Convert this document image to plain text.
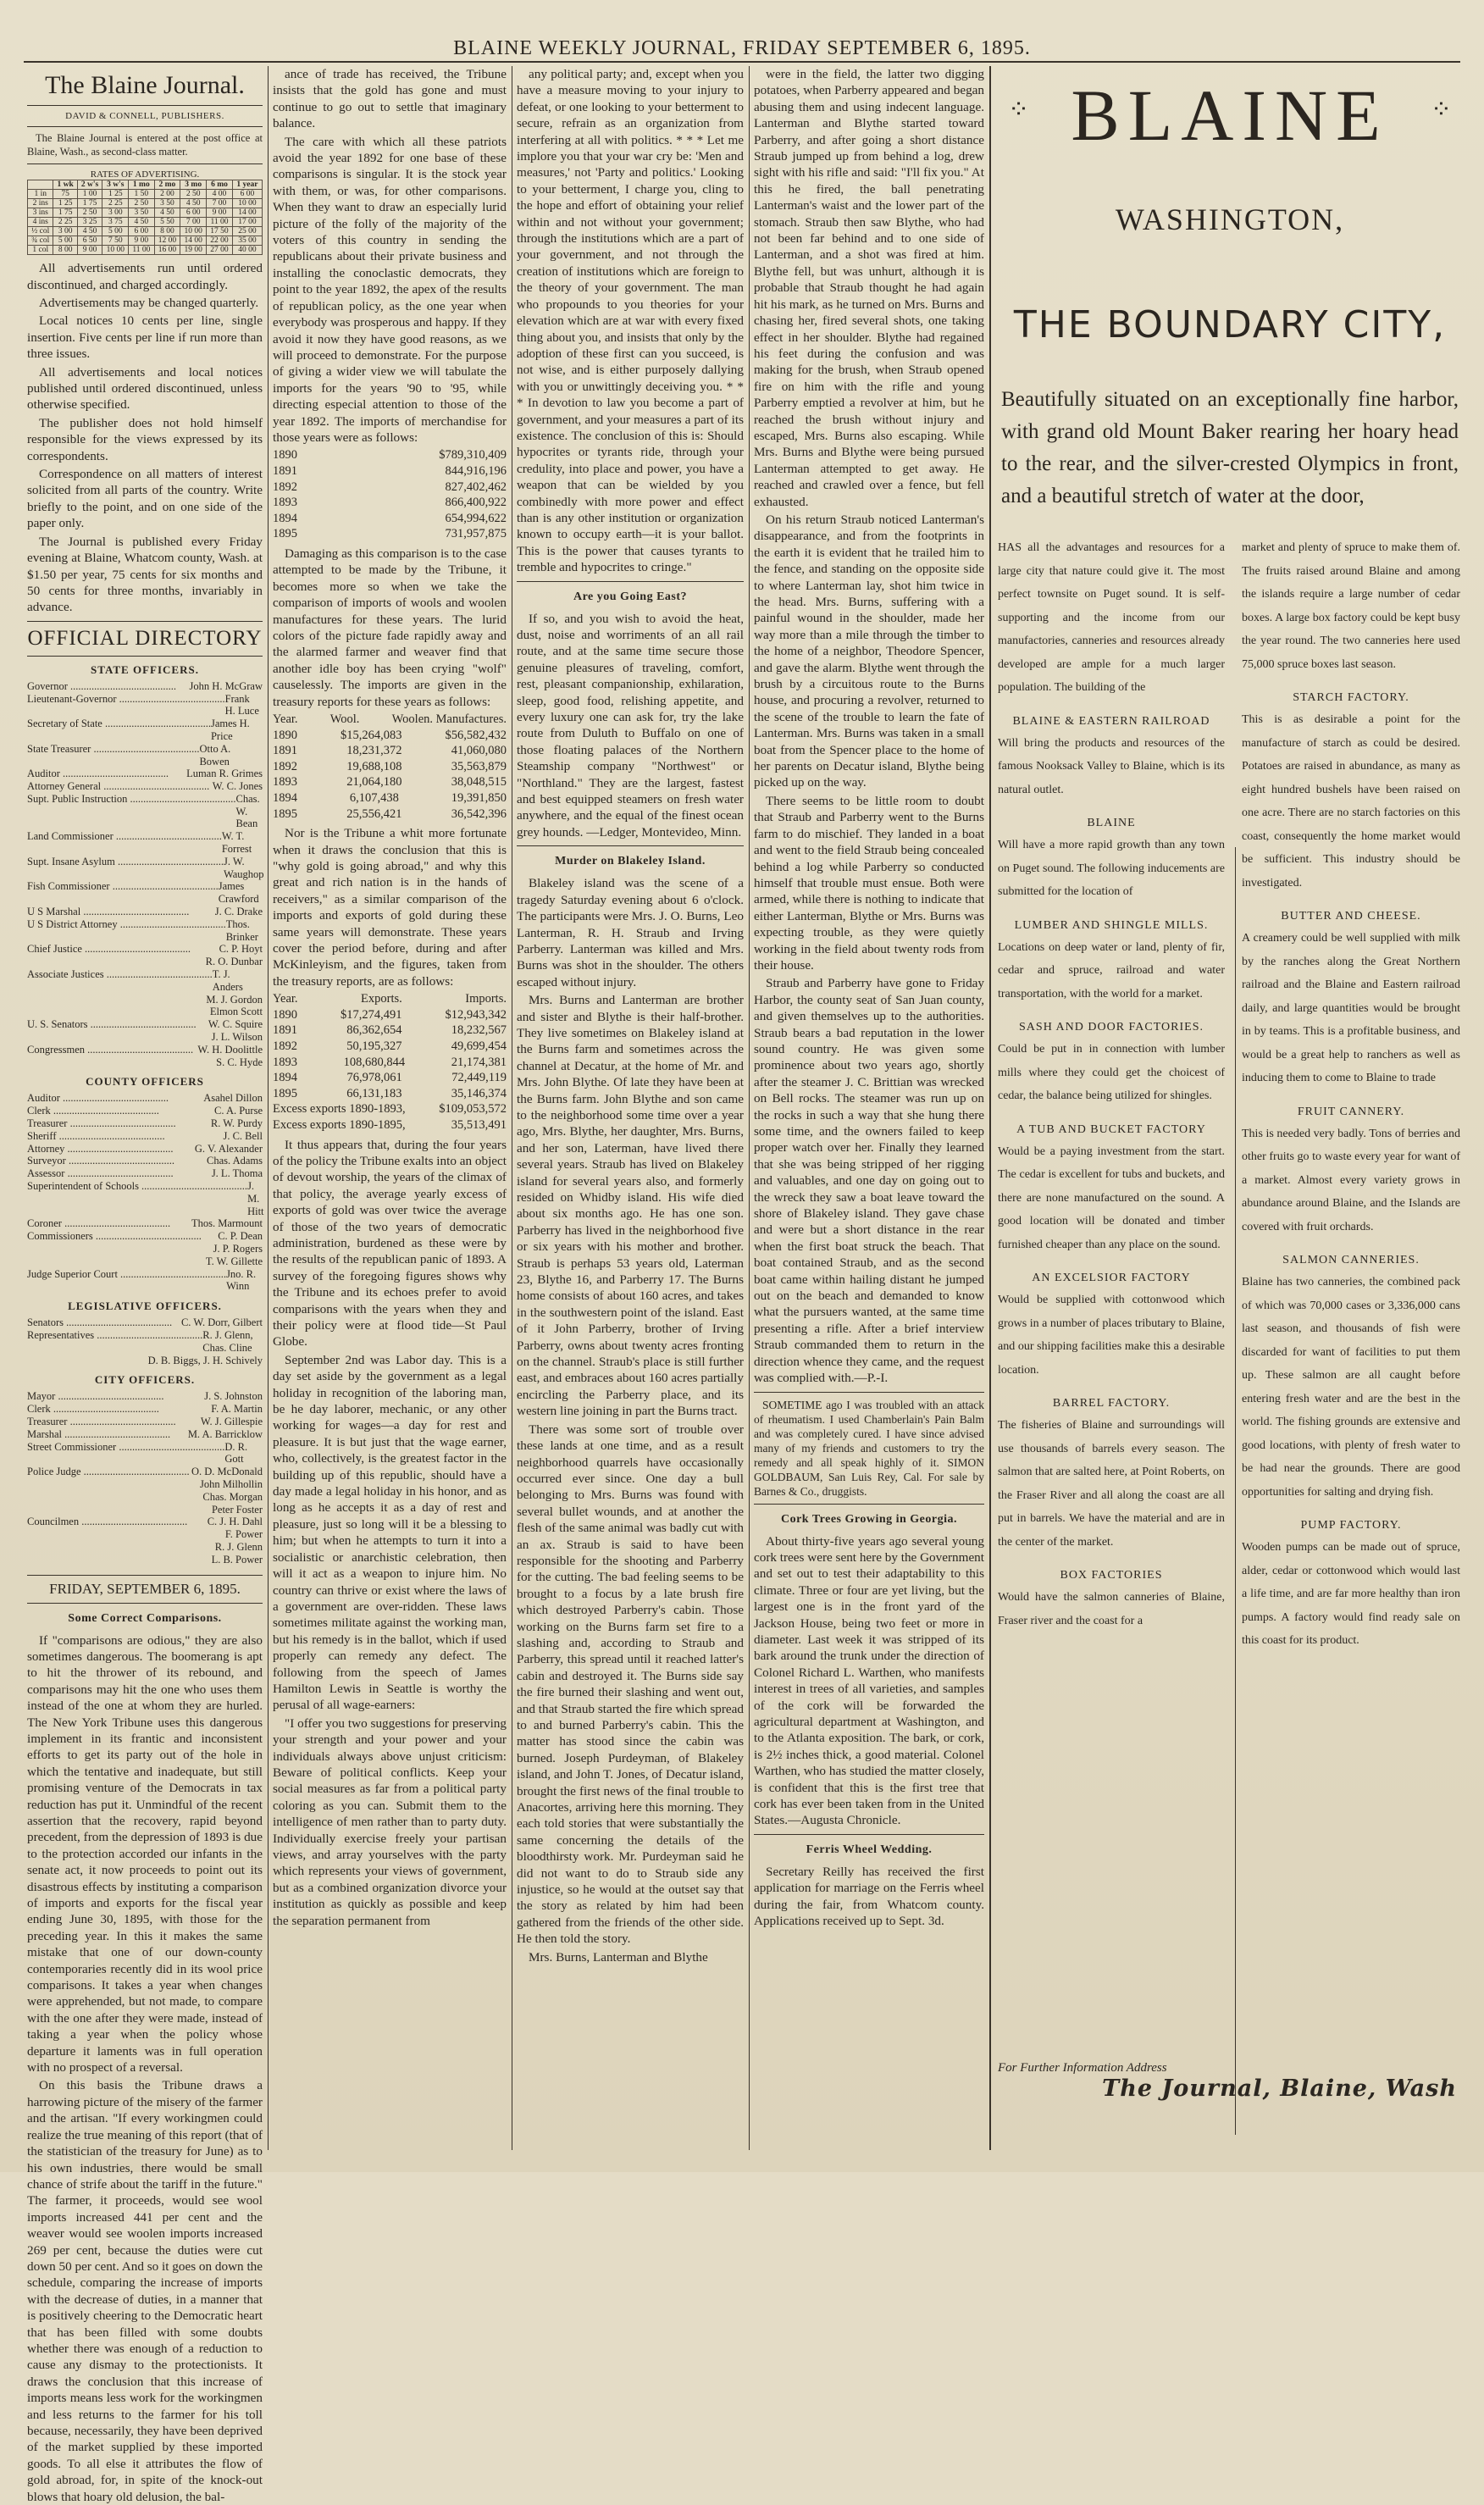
BLAINE WEEKLY JOURNAL, FRIDAY SEPTEMBER 6, 1895.
The Blaine Journal.
DAVID & CONNELL, PUBLISHERS.
The Blaine Journal is entered at the post office at Blaine, Wash., as second-class matter.
RATES OF ADVERTISING.
	1 wk	2 w's	3 w's	1 mo	2 mo	3 mo	6 mo	1 year
1 in	75	1 00	1 25	1 50	2 00	2 50	4 00	6 00
2 ins	1 25	1 75	2 25	2 50	3 50	4 50	7 00	10 00
3 ins	1 75	2 50	3 00	3 50	4 50	6 00	9 00	14 00
4 ins	2 25	3 25	3 75	4 50	5 50	7 00	11 00	17 00
½ col	3 00	4 50	5 00	6 00	8 00	10 00	17 50	25 00
¾ col	5 00	6 50	7 50	9 00	12 00	14 00	22 00	35 00
1 col	8 00	9 00	10 00	11 00	16 00	19 00	27 00	40 00

All advertisements run until ordered discontinued, and charged accordingly.

Advertisements may be changed quarterly.

Local notices 10 cents per line, single insertion. Five cents per line if run more than three issues.

All advertisements and local notices published until ordered discontinued, unless otherwise specified.

The publisher does not hold himself responsible for the views expressed by its correspondents.

Correspondence on all matters of interest solicited from all parts of the country. Write briefly to the point, and on one side of the paper only.

The Journal is published every Friday evening at Blaine, Whatcom county, Wash. at $1.50 per year, 75 cents for six months and 50 cents for three months, invariably in advance.

OFFICIAL DIRECTORY
STATE OFFICERS.
Governor ........................................ John H. McGraw
Lieutenant-Governor ........................................ Frank H. Luce
Secretary of State ........................................ James H. Price
State Treasurer ........................................ Otto A. Bowen
Auditor ........................................ Luman R. Grimes
Attorney General ........................................ W. C. Jones
Supt. Public Instruction ........................................ Chas. W. Bean
Land Commissioner ........................................ W. T. Forrest
Supt. Insane Asylum ........................................ J. W. Waughop
Fish Commissioner ........................................ James Crawford
U S Marshal ........................................ J. C. Drake
U S District Attorney ........................................ Thos. Brinker
Chief Justice ........................................	C. P. Hoyt
R. O. Dunbar
Associate Justices ........................................ T. J. Anders
M. J. Gordon
Elmon Scott
U. S. Senators ........................................ W. C. Squire
J. L. Wilson
Congressmen ........................................ W. H. Doolittle
S. C. Hyde
COUNTY OFFICERS
Auditor ........................................	Asahel Dillon
Clerk ........................................	C. A. Purse
Treasurer ........................................	R. W. Purdy
Sheriff ........................................	J. C. Bell
Attorney ........................................ G. V. Alexander
Surveyor ........................................	Chas. Adams
Assessor ........................................	J. L. Thoma
Superintendent of Schools ........................................ J. M. Hitt
Coroner ........................................ Thos. Marmount
Commissioners ........................................ C. P. Dean
J. P. Rogers
T. W. Gillette
Judge Superior Court ........................................ Jno. R. Winn
LEGISLATIVE OFFICERS.
Senators ........................................ C. W. Dorr, Gilbert
Representatives ........................................ R. J. Glenn, Chas. Cline
D. B. Biggs, J. H. Schively
CITY OFFICERS.
Mayor ........................................	J. S. Johnston
Clerk ........................................	F. A. Martin
Treasurer ........................................ W. J. Gillespie
Marshal ........................................ M. A. Barricklow
Street Commissioner ........................................ D. R. Gott
Police Judge ........................................ O. D. McDonald
John Milhollin
Chas. Morgan
Peter Foster
Councilmen ........................................ C. J. H. Dahl
F. Power
R. J. Glenn
L. B. Power
FRIDAY, SEPTEMBER 6, 1895.
Some Correct Comparisons.

If "comparisons are odious," they are also sometimes dangerous. The boomerang is apt to hit the thrower of its rebound, and comparisons may hit the one who uses them instead of the one at whom they are hurled. The New York Tribune uses this dangerous implement in its frantic and inconsistent efforts to get its party out of the hole in which the tentative and inadequate, but still promising venture of the Democrats in tax reduction has put it. Unmindful of the recent assertion that the recovery, rapid beyond precedent, from the depression of 1893 is due to the protection accorded our infants in the senate act, it now proceeds to point out its disastrous effects by instituting a comparison of imports and exports for the fiscal year ending June 30, 1895, with those for the preceding year. In this it makes the same mistake that one of our down-county contemporaries recently did in its wool price comparisons. It takes a year when changes were apprehended, but not made, to compare with the one after they were made, instead of taking a year when the policy whose departure it laments was in full operation with no prospect of a reversal.

On this basis the Tribune draws a harrowing picture of the misery of the farmer and the artisan. "If every workingmen could realize the true meaning of this report (that of the statistician of the treasury for June) as to his own industries, there would be small chance of strife about the tariff in the future." The farmer, it proceeds, would see wool imports increased 441 per cent and the weaver would see woolen imports increased 269 per cent, because the duties were cut down 50 per cent. And so it goes on down the schedule, comparing the increase of imports with the decrease of duties, in a manner that is positively cheering to the Democratic heart that has been filled with some doubts whether there was enough of a reduction to cause any dismay to the protectionists. It draws the conclusion that this increase of imports means less work for the workingmen and less returns to the farmer for his toll because, necessarily, they have been deprived of the market supplied by these imported goods. To all else it attributes the flow of gold abroad, for, in spite of the knock-out blows that hoary old delusion, the bal-

ance of trade has received, the Tribune insists that the gold has gone and must continue to go out to settle that imaginary balance.

The care with which all these patriots avoid the year 1892 for one base of these comparisons is singular. It is the stock year with them, or was, for other comparisons. When they want to draw an especially lurid picture of the folly of the majority of the voters of this country in sending the republicans about their private business and installing the conoclastic democrats, they point to the year 1892, the apex of the results of republican policy, as the one year when everybody was prosperous and happy. If they avoid it now they have good reasons, as we will proceed to demonstrate. For the purpose of giving a wider view we will tabulate the imports for the years '90 to '95, while directing especial attention to those of the year 1892. The imports of merchandise for those years were as follows:

1890	$789,310,409
1891	844,916,196
1892	827,402,462
1893	866,400,922
1894	654,994,622
1895	731,957,875

Damaging as this comparison is to the case attempted to be made by the Tribune, it becomes more so when we take the comparison of imports of wools and woolen manufactures for these years. The lurid colors of the picture fade rapidly away and the alarmed farmer and weaver find that another idle boy has been crying "wolf" causelessly. The imports are given in the treasury reports for these years as follows:

Year.	Wool.	Woolen. Manufactures.
1890	$15,264,083	$56,582,432
1891	18,231,372	41,060,080
1892	19,688,108	35,563,879
1893	21,064,180	38,048,515
1894	6,107,438	19,391,850
1895	25,556,421	36,542,396

Nor is the Tribune a whit more fortunate when it draws the conclusion that this is "why gold is going abroad," and why this great and rich nation is in the hands of receivers," as a similar comparison of the imports and exports of gold during these same years will demonstrate. These years cover the period before, during and after McKinleyism, and the figures, taken from the treasury reports, are as follows:

Year.	Exports.	Imports.
1890	$17,274,491	$12,943,342
1891	86,362,654	18,232,567
1892	50,195,327	49,699,454
1893	108,680,844	21,174,381
1894	76,978,061	72,449,119
1895	66,131,183	35,146,374
Excess exports 1890-1893,	$109,053,572
Excess exports 1890-1895,	35,513,491

It thus appears that, during the four years of the policy the Tribune exalts into an object of devout worship, the years of the climax of that policy, the average yearly excess of exports of gold was over twice the average of those of the two years of democratic administration, burdened as these were by the results of the republican panic of 1893. A survey of the foregoing figures shows why the Tribune and its echoes prefer to avoid comparisons with the years when they and their policy were at flood tide—St Paul Globe.

September 2nd was Labor day. This is a day set aside by the government as a legal holiday in recognition of the laboring man, be he day laborer, mechanic, or any other working for wages—a day for rest and pleasure. It is but just that the wage earner, who, collectively, is the greatest factor in the building up of this republic, should have a day made a legal holiday in his honor, and as long as he accepts it as a day of rest and pleasure, just so long will it be a blessing to him; but when he attempts to turn it into a socialistic or anarchistic celebration, then will it act as a weapon to injure him. No country can thrive or exist where the laws of a government are over-ridden. These laws sometimes militate against the working man, but his remedy is in the ballot, which if used properly can remedy any defect. The following from the speech of James Hamilton Lewis in Seattle is worthy the perusal of all wage-earners:

"I offer you two suggestions for preserving your strength and your power and your individuals always above unjust criticism: Beware of political conflicts. Keep your social measures as far from a political party coloring as you can. Submit them to the intelligence of men rather than to party duty. Individually exercise freely your partisan views, and array yourselves with the party which represents your views of government, but as a combined organization divorce your institution as quickly as possible and keep the separation permanent from

any political party; and, except when you have a measure moving to your injury to defeat, or one looking to your betterment to secure, refrain as an organization from interfering at all with politics. * * * Let me implore you that your war cry be: 'Men and measures,' not 'Party and politics.' Looking to your betterment, I charge you, cling to the hope and effort of obtaining your relief within and not without your government; through the institutions which are a part of your government, and not through the creation of institutions which are foreign to the theory of your government. The man who propounds to you theories for your elevation which are at war with every fixed thing about you, and insists that only by the adoption of these first can you succeed, is not wise, and is either purposely dallying with you or unwittingly deceiving you. * * * In devotion to law you become a part of government, and your measures a part of its existence. The conclusion of this is: Should hypocrites or tyrants ride, through your credulity, into place and power, you have a weapon that can be wielded by you combinedly with more power and effect than is any other institution or organization known to occupy earth—it is your ballot. This is the power that causes tyrants to tremble and hypocrites to cringe."

Are you Going East?

If so, and you wish to avoid the heat, dust, noise and worriments of an all rail route, and at the same time secure those genuine pleasures of traveling, comfort, rest, pleasant companionship, exhilaration, sleep, good food, relishing appetite, and every luxury one can ask for, try the lake route from Duluth to Buffalo on one of those floating palaces of the Northern Steamship company "Northwest" or "Northland." They are the largest, fastest and best equipped steamers on fresh water anywhere, and the equal of the finest ocean grey hounds. —Ledger, Montevideo, Minn.

Murder on Blakeley Island.

Blakeley island was the scene of a tragedy Saturday evening about 6 o'clock. The participants were Mrs. J. O. Burns, Leo Lanterman, R. H. Straub and Irving Parberry. Lanterman was killed and Mrs. Burns was shot in the shoulder. The others escaped without injury.

Mrs. Burns and Lanterman are brother and sister and Blythe is their half-brother. They live sometimes on Blakeley island at the Burns farm and sometimes across the channel at Decatur, at the home of Mr. and Mrs. John Blythe. Of late they have been at the Burns farm. John Blythe and son came to the neighborhood some time over a year ago, Mrs. Blythe, her daughter, Mrs. Burns, and her son, Laterman, have lived there several years. Straub has lived on Blakeley island for several years also, and formerly resided on Whidby island. His wife died about six months ago. He has one son. Parberry has lived in the neighborhood five or six years with his mother and brother. Straub is perhaps 53 years old, Laterman 23, Blythe 16, and Parberry 17. The Burns home consists of about 160 acres, and takes in the southwestern point of the island. East of it John Parberry, brother of Irving Parberry, owns about twenty acres fronting on the channel. Straub's place is still further east, and embraces about 160 acres partially encircling the Parberry place, and its western line joining in part the Burns tract.

There was some sort of trouble over these lands at one time, and as a result neighborhood quarrels have occasionally occurred ever since. One day a bull belonging to Mrs. Burns was found with several bullet wounds, and at another the flesh of the same animal was badly cut with an ax. Straub is said to have been responsible for the shooting and Parberry for the cutting. The bad feeling seems to be brought to a focus by a late brush fire which destroyed Parberry's cabin. Those working on the Burns farm set fire to a slashing and, according to Straub and Parberry, this spread until it reached latter's cabin and destroyed it. The Burns side say the fire burned their slashing and went out, and that Straub started the fire which spread to and burned Parberry's cabin. This the matter has stood since the cabin was burned. Joseph Purdeyman, of Blakeley island, and John T. Jones, of Decatur island, brought the first news of the final trouble to Anacortes, arriving here this morning. They each told stories that were substantially the same concerning the details of the bloodthirsty work. Mr. Purdeyman said he did not want to do to Straub side any injustice, so he would at the outset say that the story as related by him had been gathered from the friends of the other side. He then told the story.

Mrs. Burns, Lanterman and Blythe

were in the field, the latter two digging potatoes, when Parberry appeared and began abusing them and using indecent language. Lanterman and Blythe started toward Parberry, and after going a short distance Straub jumped up from behind a log, drew sight with his rifle and said: "I'll fix you." At this he fired, the ball penetrating Lanterman's waist and the lower part of the stomach. Straub then saw Blythe, who had not been far behind and to one side of Lanterman, and a shot was fired at him. Blythe fell, but was unhurt, although it is probable that Straub thought he had again hit his mark, as he turned on Mrs. Burns and chasing her, fired several shots, one taking effect in her shoulder. Blythe had regained his feet during the confusion and was making for the brush, when Straub opened fire on him with the rifle and young Parberry emptied a revolver at him, but he reached the brush without injury and escaped, Mrs. Burns also escaping. While Mrs. Burns and Blythe were being pursued Lanterman attempted to get away. He reached and crawled over a fence, but fell exhausted.

On his return Straub noticed Lanterman's disappearance, and from the footprints in the earth it is evident that he trailed him to the fence, and standing on the opposite side to where Lanterman lay, shot him twice in the head. Mrs. Burns, suffering with a painful wound in the shoulder, made her way more than a mile through the timber to the home of a neighbor, Theodore Spencer, and gave the alarm. Blythe went through the brush by a circuitous route to the Burns house, and procuring a revolver, returned to the scene of the trouble to learn the fate of Lanterman. Mrs. Burns was taken in a small boat from the Spencer place to the home of her parents on Decatur island, Blythe being picked up on the way.

There seems to be little room to doubt that Straub and Parberry went to the Burns farm to do mischief. They landed in a boat and went to the field Straub being concealed behind a log while Parberry so conducted himself that trouble must ensue. Both were armed, while there is nothing to indicate that either Lanterman, Blythe or Mrs. Burns was expecting trouble, as they were quietly working in the field about twenty rods from their house.

Straub and Parberry have gone to Friday Harbor, the county seat of San Juan county, and given themselves up to the authorities. Straub bears a bad reputation in the lower sound country. He was given some prominence about two years ago, shortly after the steamer J. C. Brittian was wrecked on Bell rocks. The steamer was run up on the rocks in such a way that she hung there some time, and the owners failed to keep proper watch over her. Finally they learned that she was being stripped of her rigging and valuables, and one day on going out to the wreck they saw a boat leave toward the shore of Blakeley island. They gave chase and were but a short distance in the rear when the first boat struck the beach. That boat contained Straub, and as the second boat came within hailing distant he jumped out on the beach and demanded to know what the pursuers wanted, at the same time presenting a rifle. After a brief interview Straub commanded them to return in the direction whence they came, and the request was complied with.—P.-I.

SOMETIME ago I was troubled with an attack of rheumatism. I used Chamberlain's Pain Balm and was completely cured. I have since advised many of my friends and customers to try the remedy and all speak highly of it. SIMON GOLDBAUM, San Luis Rey, Cal. For sale by Barnes & Co., druggists.
Cork Trees Growing in Georgia.

About thirty-five years ago several young cork trees were sent here by the Government and set out to test their adaptability to this climate. Three or four are yet living, but the largest one is in the front yard of the Jackson House, being two feet or more in diameter. Last week it was stripped of its bark around the trunk under the direction of Colonel Richard L. Warthen, who manifests interest in trees of all varieties, and samples of the cork will be forwarded the agricultural department at Washington, and to the Atlanta exposition. The bark, or cork, is 2½ inches thick, a good material. Colonel Warthen, who has studied the matter closely, is confident that this is the first tree that cork has ever been taken from in the United States.—Augusta Chronicle.

Ferris Wheel Wedding.

Secretary Reilly has received the first application for marriage on the Ferris wheel during the fair, from Whatcom county. Applications received up to Sept. 3d.

⁘	⁘
BLAINE
WASHINGTON,
THE BOUNDARY CITY,
Beautifully situated on an exceptionally fine harbor, with grand old Mount Baker rearing her hoary head to the rear, and the silver-crested Olympics in front, and a beautiful stretch of water at the door,

HAS all the advantages and resources for a large city that nature could give it. The most perfect townsite on Puget sound. It is self-supporting and the income from our manufactories, canneries and resources already developed are ample for a much larger population. The building of the

BLAINE & EASTERN RAILROAD

Will bring the products and resources of the famous Nooksack Valley to Blaine, which is its natural outlet.

BLAINE

Will have a more rapid growth than any town on Puget sound. The following inducements are submitted for the location of

LUMBER AND SHINGLE MILLS.

Locations on deep water or land, plenty of fir, cedar and spruce, railroad and water transportation, with the world for a market.

SASH AND DOOR FACTORIES.

Could be put in in connection with lumber mills where they could get the choicest of cedar, the balance being utilized for shingles.

A TUB AND BUCKET FACTORY

Would be a paying investment from the start. The cedar is excellent for tubs and buckets, and there are none manufactured on the sound. A good location will be donated and timber furnished cheaper than any place on the sound.

AN EXCELSIOR FACTORY

Would be supplied with cottonwood which grows in a number of places tributary to Blaine, and our shipping facilities make this a desirable location.

BARREL FACTORY.

The fisheries of Blaine and surroundings will use thousands of barrels every season. The salmon that are salted here, at Point Roberts, on the Fraser River and all along the coast are all put in barrels. We have the material and are in the center of the market.

BOX FACTORIES

Would have the salmon canneries of Blaine, Fraser river and the coast for a

market and plenty of spruce to make them of. The fruits raised around Blaine and among the islands require a large number of cedar boxes. A large box factory could be kept busy the year round. The two canneries here used 75,000 spruce boxes last season.

STARCH FACTORY.

This is as desirable a point for the manufacture of starch as could be desired. Potatoes are raised in abundance, as many as eight hundred bushels have been raised on one acre. There are no starch factories on this coast, consequently the home market would be sufficient. This industry should be investigated.

BUTTER AND CHEESE.

A creamery could be well supplied with milk by the ranches along the Great Northern railroad and the Blaine and Eastern railroad daily, and large quantities would be brought in by teams. This is a profitable business, and would be a great help to ranchers as well as inducing them to come to Blaine to trade

FRUIT CANNERY.

This is needed very badly. Tons of berries and other fruits go to waste every year for want of a market. Almost every variety grows in abundance around Blaine, and the Islands are covered with fruit orchards.

SALMON CANNERIES.

Blaine has two canneries, the combined pack of which was 70,000 cases or 3,336,000 cans last season, and thousands of fish were discarded for want of facilities to put them up. These salmon are all caught before entering fresh water and are the best in the world. The fishing grounds are extensive and good locations, with plenty of fresh water to be had near the grounds. There are good opportunities for salting and drying fish.

PUMP FACTORY.

Wooden pumps can be made out of spruce, alder, cedar or cottonwood which would last a life time, and are far more healthy than iron pumps. A factory would find ready sale on this coast for its product.

For Further Information Address
The Journal, Blaine, Wash
